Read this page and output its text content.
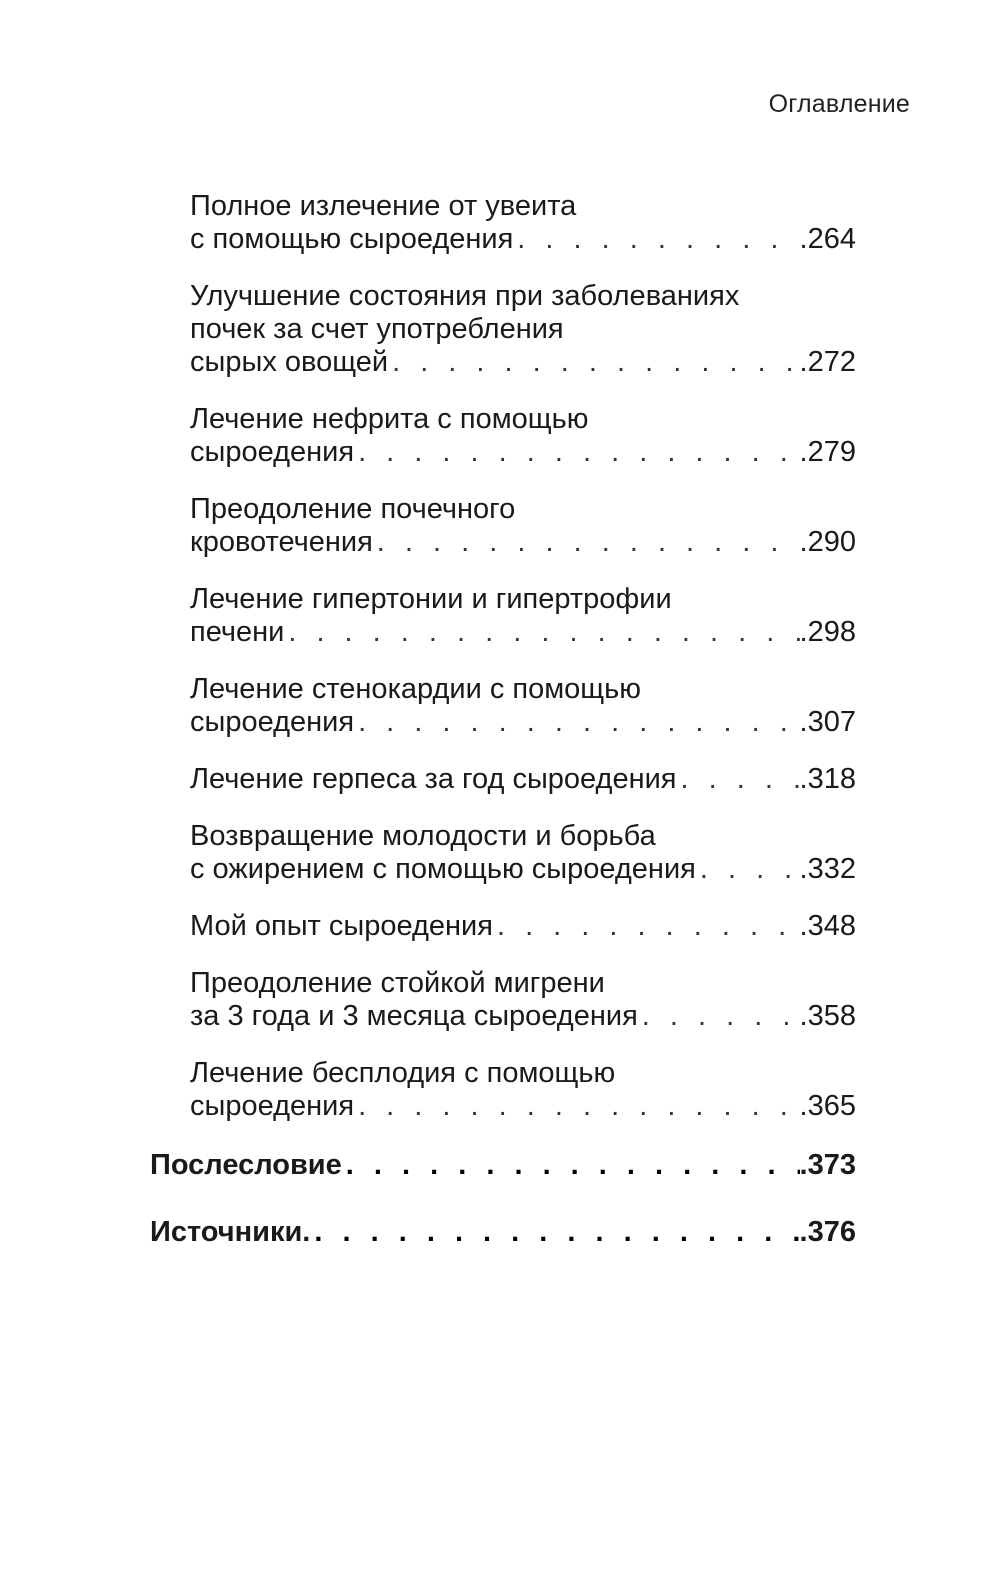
Оглавление
Полное излечение от увеита
с помощью сыроедения . . .	.264
Улучшение состояния при заболеваниях
почек за счет употребления
сырых овощей . . .	.272
Лечение нефрита с помощью
сыроедения . . .	.279
Преодоление почечного
кровотечения . . .	.290
Лечение гипертонии и гипертрофии
печени . . .	.298
Лечение стенокардии с помощью
сыроедения . . .	.307
Лечение герпеса за год сыроедения . . .	.318
Возвращение молодости и борьба
с ожирением с помощью сыроедения . . .	.332
Мой опыт сыроедения . . .	.348
Преодоление стойкой мигрени
за 3 года и 3 месяца сыроедения . . .	.358
Лечение бесплодия с помощью
сыроедения . . .	.365
Послесловие . . .	.373
Источники. . . .	.376
